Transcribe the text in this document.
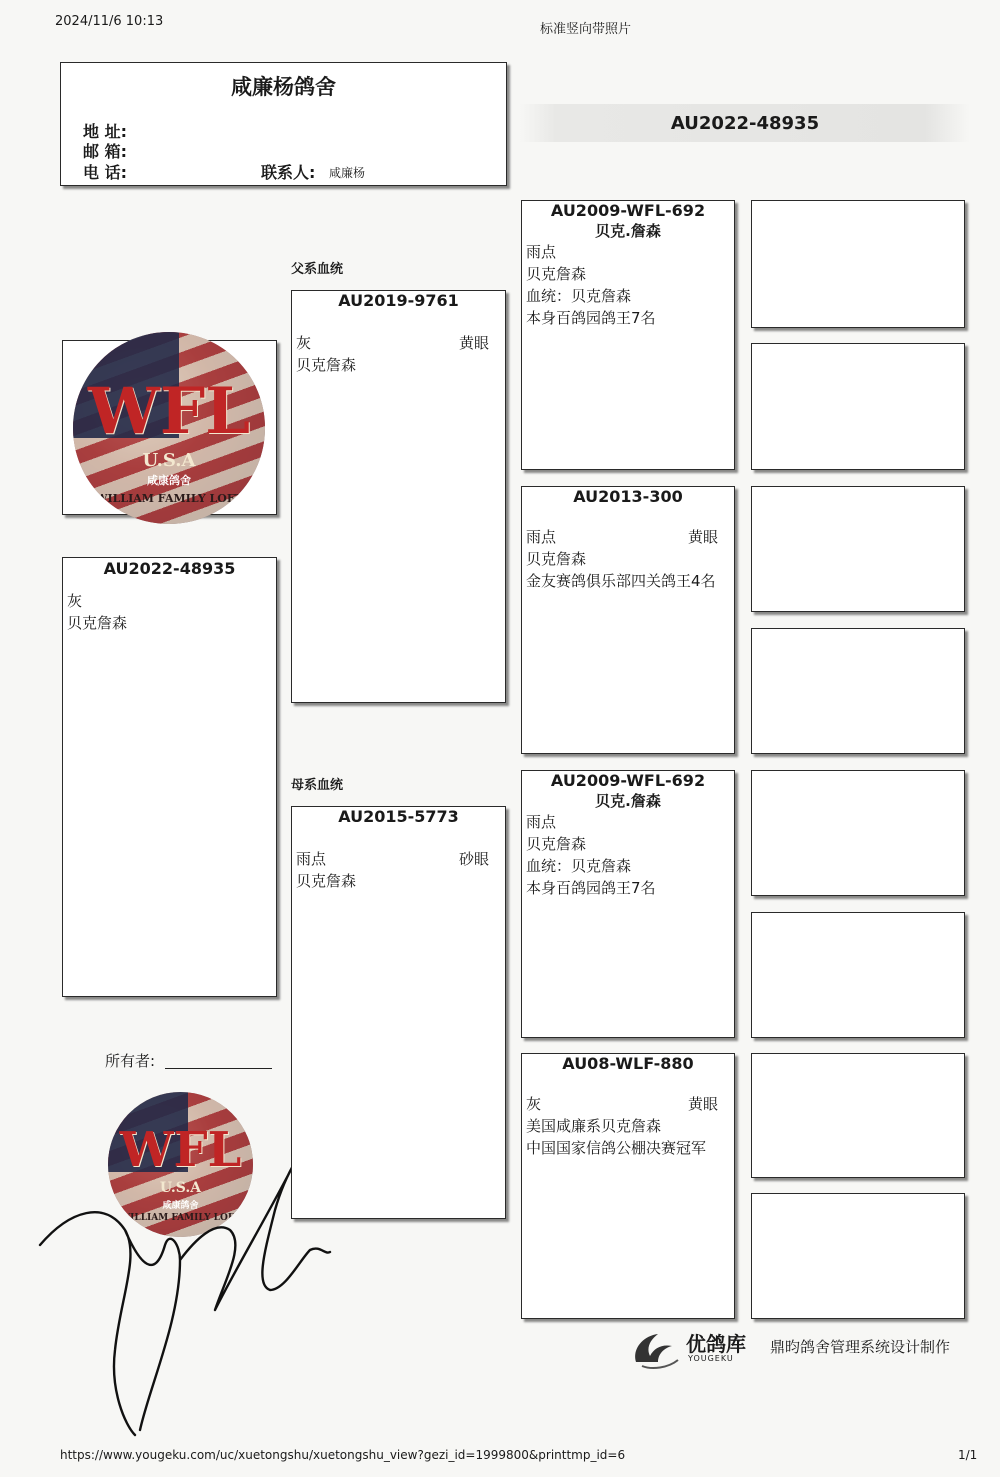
2024/11/6 10:13
标准竖向带照片
咸廉杨鸽舍
地 址:
邮 箱:
电 话:	联系人: 咸廉杨
AU2022-48935
WFL
U.S.A
咸康鸽舍
WILLIAM FAMILY LOFT
AU2022-48935
灰
贝克詹森
所有者:
WFL
U.S.A
咸康鸽舍
WILLIAM FAMILY LOFT
父系血统
母系血统
AU2019-9761
灰	黄眼
贝克詹森
AU2015-5773
雨点	砂眼
贝克詹森
AU2009-WFL-692
贝克.詹森
雨点
贝克詹森
血统：贝克詹森
本身百鸽园鸽王7名
AU2013-300
雨点	黄眼
贝克詹森
金友赛鸽俱乐部四关鸽王4名
AU2009-WFL-692
贝克.詹森
雨点
贝克詹森
血统：贝克詹森
本身百鸽园鸽王7名
AU08-WLF-880
灰	黄眼
美国咸廉系贝克詹森
中国国家信鸽公棚决赛冠军
优鸽库
YOUGEKU
鼎昀鸽舍管理系统设计制作
https://www.yougeku.com/uc/xuetongshu/xuetongshu_view?gezi_id=1999800&printtmp_id=6	1/1
